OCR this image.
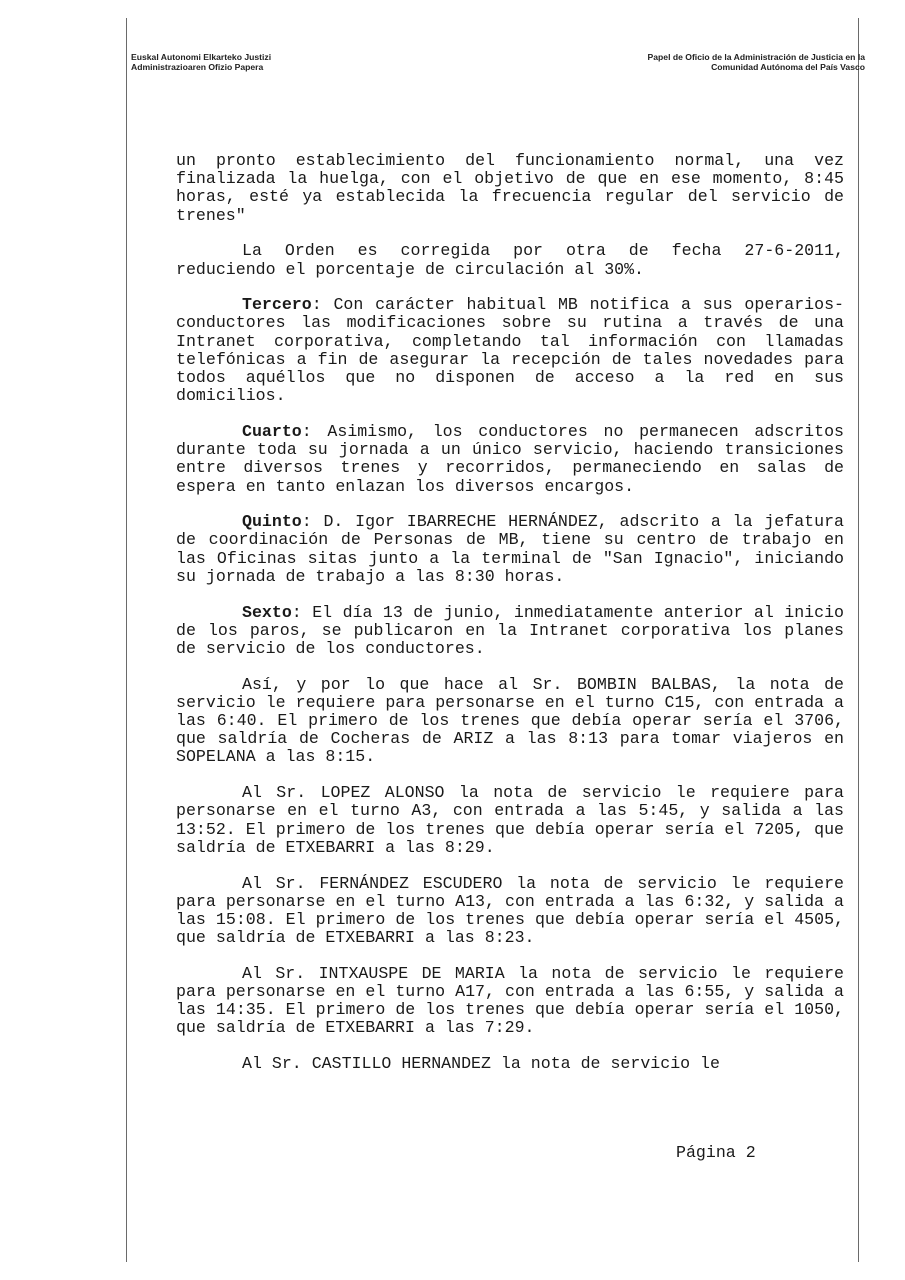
Euskal Autonomi Elkarteko Justizi
Administrazioaren Ofizio Papera
Papel de Oficio de la Administración de Justicia en la
Comunidad Autónoma del País Vasco

un pronto establecimiento del funcionamiento normal, una vez finalizada la huelga, con el objetivo de que en ese momento, 8:45 horas, esté ya establecida la frecuencia regular del servicio de trenes"

La Orden es corregida por otra de fecha 27-6-2011, reduciendo el porcentaje de circulación al 30%.

Tercero: Con carácter habitual MB notifica a sus operarios-conductores las modificaciones sobre su rutina a través de una Intranet corporativa, completando tal información con llamadas telefónicas a fin de asegurar la recepción de tales novedades para todos aquéllos que no disponen de acceso a la red en sus domicilios.

Cuarto: Asimismo, los conductores no permanecen adscritos durante toda su jornada a un único servicio, haciendo transiciones entre diversos trenes y recorridos, permaneciendo en salas de espera en tanto enlazan los diversos encargos.

Quinto: D. Igor IBARRECHE HERNÁNDEZ, adscrito a la jefatura de coordinación de Personas de MB, tiene su centro de trabajo en las Oficinas sitas junto a la terminal de "San Ignacio", iniciando su jornada de trabajo a las 8:30 horas.

Sexto: El día 13 de junio, inmediatamente anterior al inicio de los paros, se publicaron en la Intranet corporativa los planes de servicio de los conductores.

Así, y por lo que hace al Sr. BOMBIN BALBAS, la nota de servicio le requiere para personarse en el turno C15, con entrada a las 6:40. El primero de los trenes que debía operar sería el 3706, que saldría de Cocheras de ARIZ a las 8:13 para tomar viajeros en SOPELANA a las 8:15.

Al Sr. LOPEZ ALONSO la nota de servicio le requiere para personarse en el turno A3, con entrada a las 5:45, y salida a las 13:52. El primero de los trenes que debía operar sería el 7205, que saldría de ETXEBARRI a las 8:29.

Al Sr. FERNÁNDEZ ESCUDERO la nota de servicio le requiere para personarse en el turno A13, con entrada a las 6:32, y salida a las 15:08. El primero de los trenes que debía operar sería el 4505, que saldría de ETXEBARRI a las 8:23.

Al Sr. INTXAUSPE DE MARIA la nota de servicio le requiere para personarse en el turno A17, con entrada a las 6:55, y salida a las 14:35. El primero de los trenes que debía operar sería el 1050, que saldría de ETXEBARRI a las 7:29.

Al Sr. CASTILLO HERNANDEZ la nota de servicio le

Página 2
